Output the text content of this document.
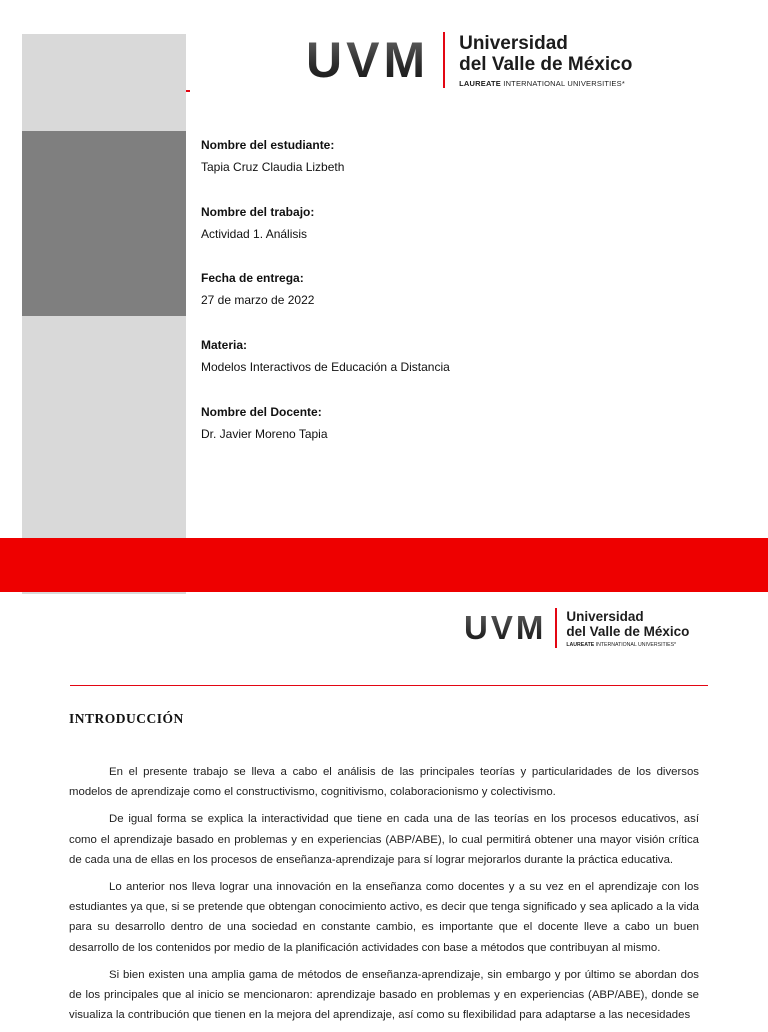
UVM Universidad
del Valle de México
LAUREATE INTERNATIONAL UNIVERSITIES*
Nombre del estudiante:
Tapia Cruz Claudia Lizbeth
Nombre del trabajo:
Actividad 1. Análisis
Fecha de entrega:
27 de marzo de 2022
Materia:
Modelos Interactivos de Educación a Distancia
Nombre del Docente:
Dr. Javier Moreno Tapia
UVM Universidad
del Valle de México
LAUREATE INTERNATIONAL UNIVERSITIES*
INTRODUCCIÓN

En el presente trabajo se lleva a cabo el análisis de las principales teorías y particularidades de los diversos modelos de aprendizaje como el constructivismo, cognitivismo, colaboracionismo y colectivismo.

De igual forma se explica la interactividad que tiene en cada una de las teorías en los procesos educativos, así como el aprendizaje basado en problemas y en experiencias (ABP/ABE), lo cual permitirá obtener una mayor visión crítica de cada una de ellas en los procesos de enseñanza-aprendizaje para sí lograr mejorarlos durante la práctica educativa.

Lo anterior nos lleva lograr una innovación en la enseñanza como docentes y a su vez en el aprendizaje con los estudiantes ya que, si se pretende que obtengan conocimiento activo, es decir que tenga significado y sea aplicado a la vida para su desarrollo dentro de una sociedad en constante cambio, es importante que el docente lleve a cabo un buen desarrollo de los contenidos por medio de la planificación actividades con base a métodos que contribuyan al mismo.

Si bien existen una amplia gama de métodos de enseñanza-aprendizaje, sin embargo y por último se abordan dos de los principales que al inicio se mencionaron: aprendizaje basado en problemas y en experiencias (ABP/ABE), donde se visualiza la contribución que tienen en la mejora del aprendizaje, así como su flexibilidad para adaptarse a las necesidades
